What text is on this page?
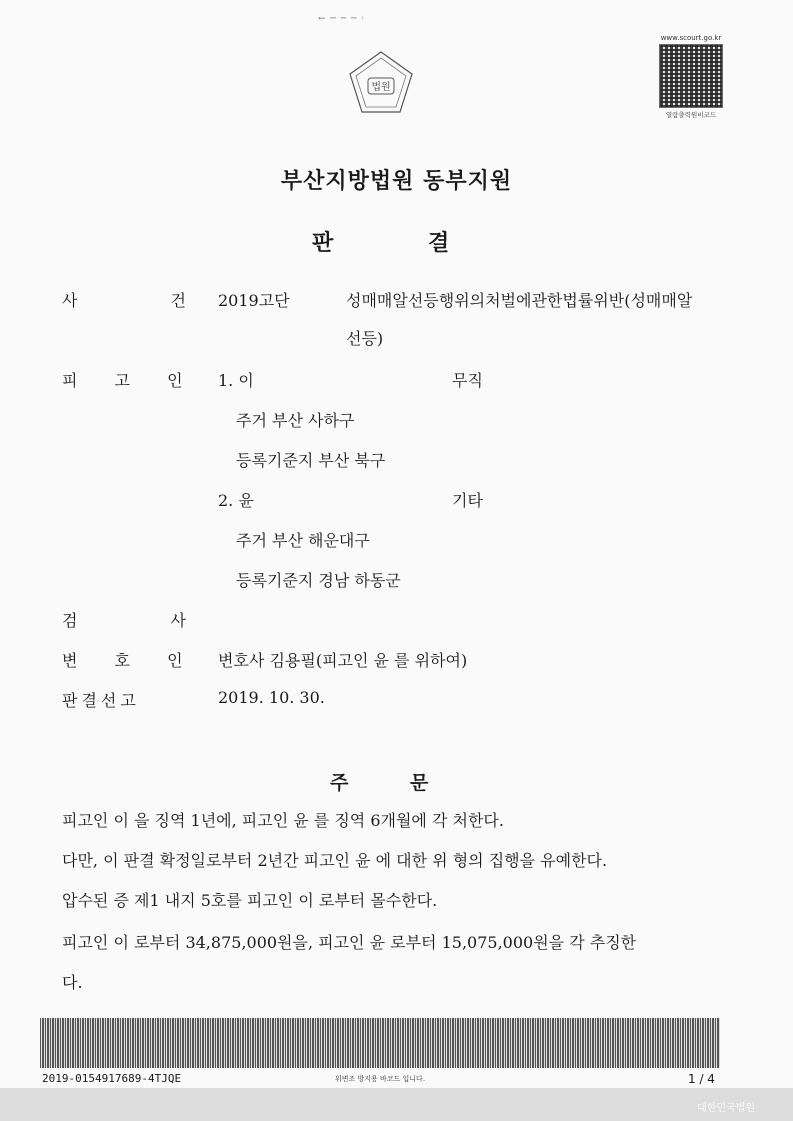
← ─ ─ ─ ·
법원
www.scourt.go.kr
열람출력원비코드
부산지방법원 동부지원
판	결
사 건
2019고단	성매매알선등행위의처벌에관한법률위반(성매매알
선등)
피 고 인 1. 이	무직
주거 부산 사하구
등록기준지 부산 북구
2. 윤	기타
주거 부산 해운대구
등록기준지 경남 하동군
검 사
변 호 인 변호사 김용필(피고인 윤 를 위하여)
판결선고	2019. 10. 30.
주	문
피고인 이 을 징역 1년에, 피고인 윤 를 징역 6개월에 각 처한다.
다만, 이 판결 확정일로부터 2년간 피고인 윤 에 대한 위 형의 집행을 유예한다.
압수된 증 제1 내지 5호를 피고인 이 로부터 몰수한다.
피고인 이 로부터 34,875,000원을, 피고인 윤 로부터 15,075,000원을 각 추징한
다.
2019-0154917689-4TJQE	위변조 방지용 바코드 입니다.	1 / 4
대한민국법원
